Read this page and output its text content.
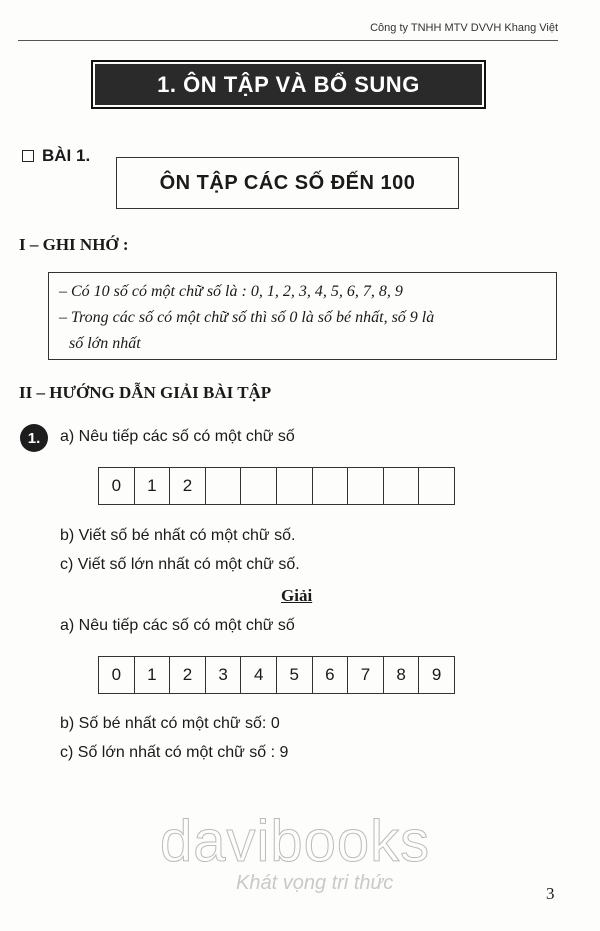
Công ty TNHH MTV DVVH Khang Việt
1. ÔN TẬP VÀ BỔ SUNG
BÀI 1.
ÔN TẬP CÁC SỐ ĐẾN 100
I – GHI NHỚ :
– Có 10 số có một chữ số là : 0, 1, 2, 3, 4, 5, 6, 7, 8, 9
– Trong các số có một chữ số thì số 0 là số bé nhất, số 9 là
số lớn nhất
II – HƯỚNG DẪN GIẢI BÀI TẬP
1.	a) Nêu tiếp các số có một chữ số
0	1	2
b) Viết số bé nhất có một chữ số.
c) Viết số lớn nhất có một chữ số.
Giải
a) Nêu tiếp các số có một chữ số
0	1	2	3	4	5	6	7	8	9
b) Số bé nhất có một chữ số: 0
c) Số lớn nhất có một chữ số : 9
davibooks
Khát vọng tri thức	3
